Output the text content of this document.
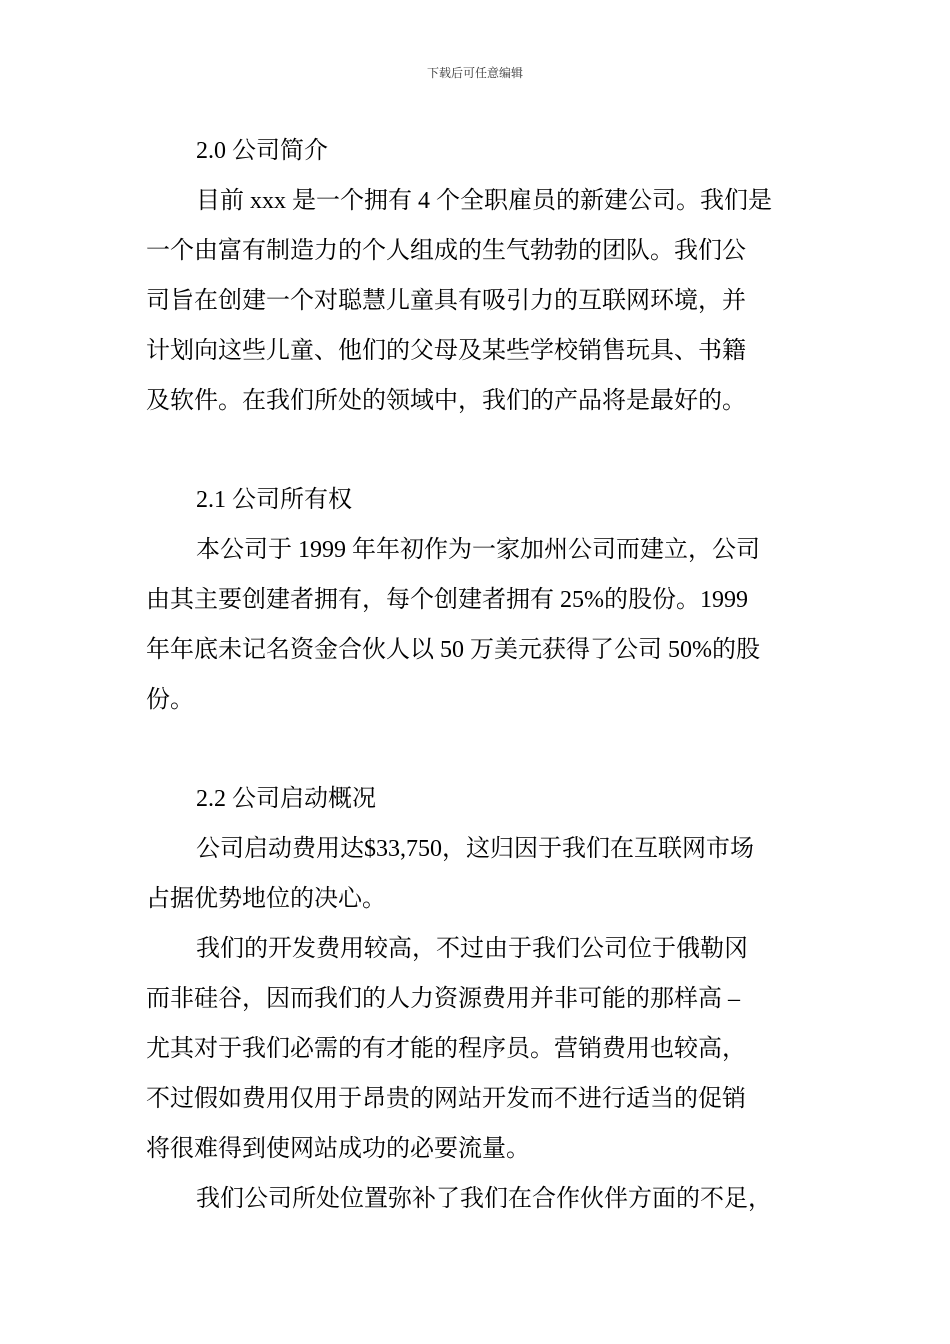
下载后可任意编辑
2.0 公司简介
目前 xxx 是一个拥有 4 个全职雇员的新建公司。我们是
一个由富有制造力的个人组成的生气勃勃的团队。我们公
司旨在创建一个对聪慧儿童具有吸引力的互联网环境，并
计划向这些儿童、他们的父母及某些学校销售玩具、书籍
及软件。在我们所处的领域中，我们的产品将是最好的。
2.1 公司所有权
本公司于 1999 年年初作为一家加州公司而建立，公司
由其主要创建者拥有，每个创建者拥有 25%的股份。1999
年年底未记名资金合伙人以 50 万美元获得了公司 50%的股
份。
2.2 公司启动概况
公司启动费用达$33,750，这归因于我们在互联网市场
占据优势地位的决心。
我们的开发费用较高，不过由于我们公司位于俄勒冈
而非硅谷，因而我们的人力资源费用并非可能的那样高 –
尤其对于我们必需的有才能的程序员。营销费用也较高，
不过假如费用仅用于昂贵的网站开发而不进行适当的促销
将很难得到使网站成功的必要流量。
我们公司所处位置弥补了我们在合作伙伴方面的不足，
